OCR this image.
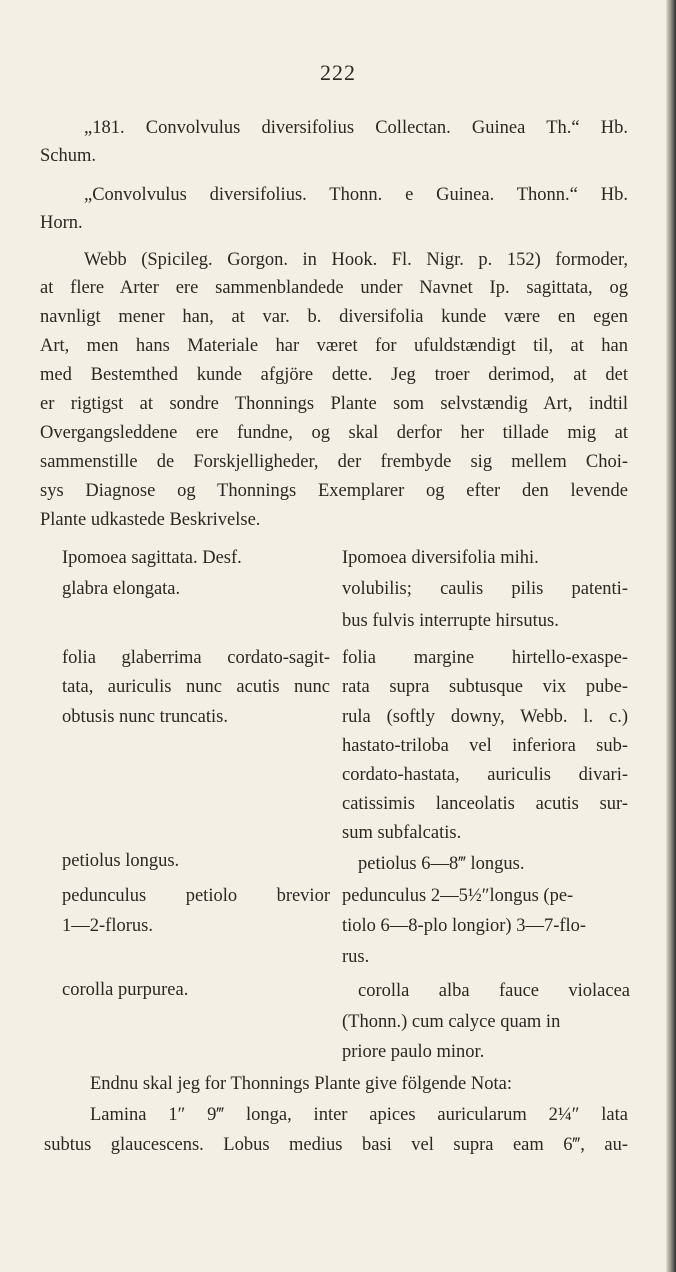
222
„181. Convolvulus diversifolius Collectan. Guinea Th.“ Hb.
Schum.
„Convolvulus diversifolius. Thonn. e Guinea. Thonn.“ Hb.
Horn.
Webb (Spicileg. Gorgon. in Hook. Fl. Nigr. p. 152) formoder,
at flere Arter ere sammenblandede under Navnet Ip. sagittata, og
navnligt mener han, at var. b. diversifolia kunde være en egen
Art, men hans Materiale har været for ufuldstændigt til, at han
med Bestemthed kunde afgjöre dette. Jeg troer derimod, at det
er rigtigst at sondre Thonnings Plante som selvstændig Art, indtil
Overgangsleddene ere fundne, og skal derfor her tillade mig at
sammenstille de Forskjelligheder, der frembyde sig mellem Choi-
sys Diagnose og Thonnings Exemplarer og efter den levende
Plante udkastede Beskrivelse.
Ipomoea sagittata. Desf.
glabra elongata.
folia glaberrima cordato-sagit-
tata, auriculis nunc acutis nunc
obtusis nunc truncatis.
petiolus longus.
pedunculus petiolo brevior
1—2-florus.
corolla purpurea.
Ipomoea diversifolia mihi.
volubilis; caulis pilis patenti-
bus fulvis interrupte hirsutus.
folia margine hirtello-exaspe-
rata supra subtusque vix pube-
rula (softly downy, Webb. l. c.)
hastato-triloba vel inferiora sub-
cordato-hastata, auriculis divari-
catissimis lanceolatis acutis sur-
sum subfalcatis.
petiolus 6—8‴ longus.
pedunculus 2—5½″longus (pe-
tiolo 6—8-plo longior) 3—7-flo-
rus.
corolla alba fauce violacea
(Thonn.) cum calyce quam in
priore paulo minor.
Endnu skal jeg for Thonnings Plante give fölgende Nota:
Lamina 1″ 9‴ longa, inter apices auricularum 2¼″ lata
subtus glaucescens. Lobus medius basi vel supra eam 6‴, au-
